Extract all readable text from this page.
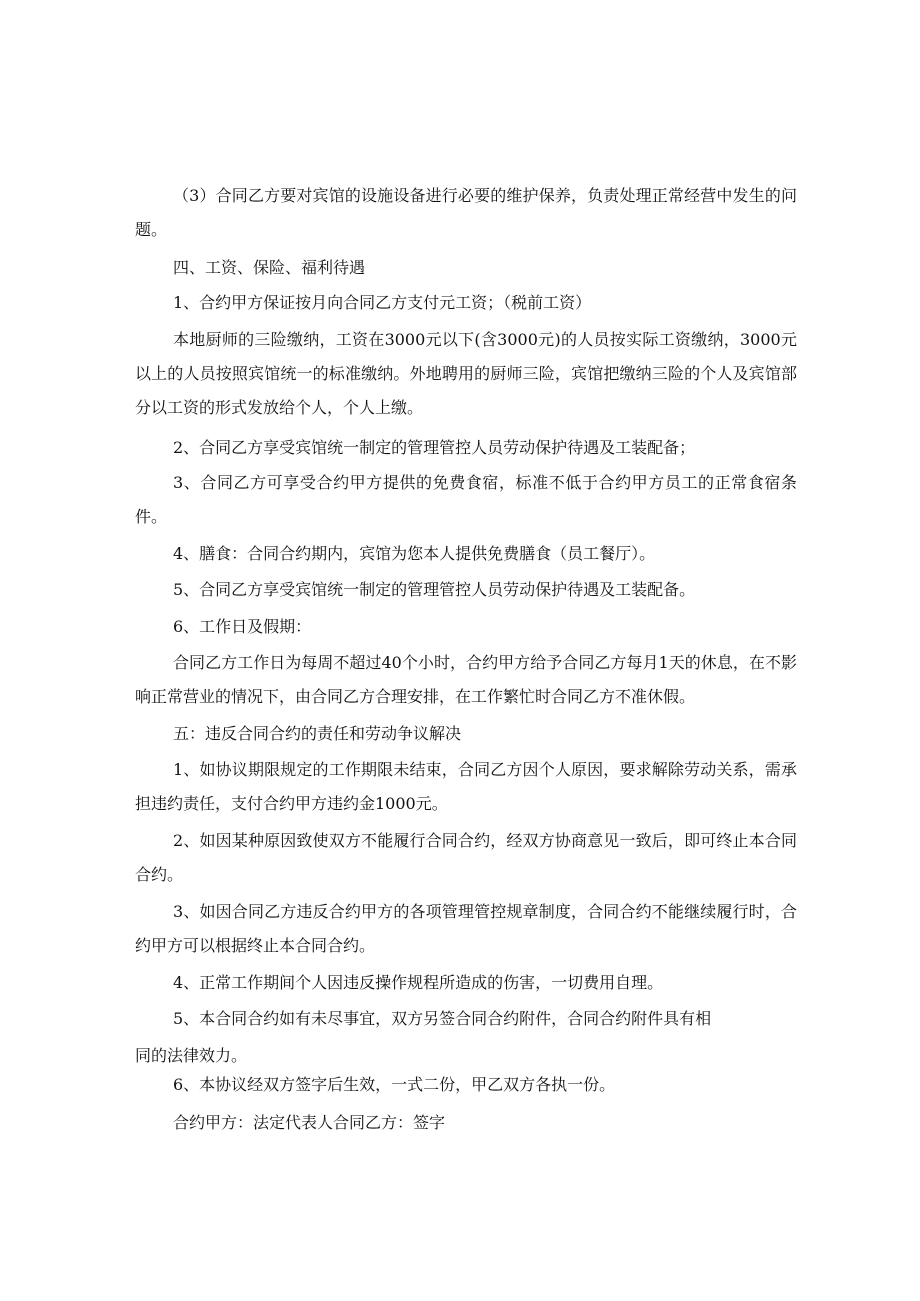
（3）合同乙方要对宾馆的设施设备进行必要的维护保养，负责处理正常经营中发生的问题。

四、工资、保险、福利待遇

1、合约甲方保证按月向合同乙方支付元工资；（税前工资）

本地厨师的三险缴纳，工资在3000元以下(含3000元)的人员按实际工资缴纳，3000元以上的人员按照宾馆统一的标准缴纳。外地聘用的厨师三险，宾馆把缴纳三险的个人及宾馆部分以工资的形式发放给个人，个人上缴。

2、合同乙方享受宾馆统一制定的管理管控人员劳动保护待遇及工装配备；

3、合同乙方可享受合约甲方提供的免费食宿，标准不低于合约甲方员工的正常食宿条件。

4、膳食：合同合约期内，宾馆为您本人提供免费膳食（员工餐厅）。

5、合同乙方享受宾馆统一制定的管理管控人员劳动保护待遇及工装配备。

6、工作日及假期：

合同乙方工作日为每周不超过40个小时，合约甲方给予合同乙方每月1天的休息，在不影响正常营业的情况下，由合同乙方合理安排，在工作繁忙时合同乙方不准休假。

五：违反合同合约的责任和劳动争议解决

1、如协议期限规定的工作期限未结束，合同乙方因个人原因，要求解除劳动关系，需承担违约责任，支付合约甲方违约金1000元。

2、如因某种原因致使双方不能履行合同合约，经双方协商意见一致后，即可终止本合同合约。

3、如因合同乙方违反合约甲方的各项管理管控规章制度，合同合约不能继续履行时，合约甲方可以根据终止本合同合约。

4、正常工作期间个人因违反操作规程所造成的伤害，一切费用自理。

5、本合同合约如有未尽事宜，双方另签合同合约附件，合同合约附件具有相

同的法律效力。

6、本协议经双方签字后生效，一式二份，甲乙双方各执一份。

合约甲方：法定代表人合同乙方：签字
